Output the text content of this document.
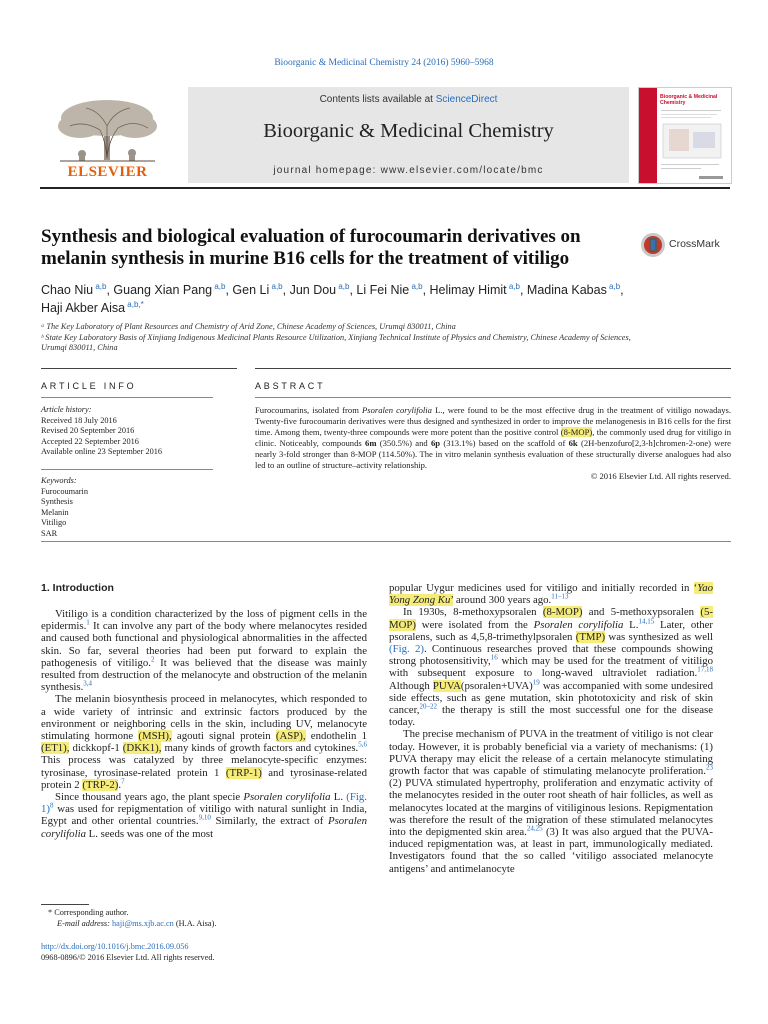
Bioorganic & Medicinal Chemistry 24 (2016) 5960–5968
Contents lists available at ScienceDirect
Bioorganic & Medicinal Chemistry
journal homepage: www.elsevier.com/locate/bmc
ELSEVIER
Bioorganic & Medicinal
Chemistry
Synthesis and biological evaluation of furocoumarin derivatives on melanin synthesis in murine B16 cells for the treatment of vitiligo
CrossMark
Chao Niu $^{a,b}$, Guang Xian Pang $^{a,b}$, Gen Li $^{a,b}$, Jun Dou $^{a,b}$, Li Fei Nie $^{a,b}$, Helimay Himit $^{a,b}$, Madina Kabas $^{a,b}$,
Haji Akber Aisa $^{a,b,*}$
ᵃ The Key Laboratory of Plant Resources and Chemistry of Arid Zone, Chinese Academy of Sciences, Urumqi 830011, China
ᵇ State Key Laboratory Basis of Xinjiang Indigenous Medicinal Plants Resource Utilization, Xinjiang Technical Institute of Physics and Chemistry, Chinese Academy of Sciences,
Urumqi 830011, China
ARTICLE INFO	ABSTRACT
Article history:
Received 18 July 2016
Revised 20 September 2016
Accepted 22 September 2016
Available online 23 September 2016
Keywords:
Furocoumarin
Synthesis
Melanin
Vitiligo
SAR
Furocoumarins, isolated from Psoralen corylifolia L., were found to be the most effective drug in the treatment of vitiligo nowadays. Twenty-five furocoumarin derivatives were thus designed and synthesized in order to improve the melanogenesis in B16 cells for the first time. Among them, twenty-three compounds were more potent than the positive control (8-MOP), the commonly used drug for vitiligo in clinic. Noticeably, compounds 6m (350.5%) and 6p (313.1%) based on the scaffold of 6k (2H-benzofuro[2,3-h]chromen-2-one) were nearly 3-fold stronger than 8-MOP (114.50%). The in vitro melanin synthesis evaluation of these structurally diverse analogues had also led to an outline of structure–activity relationship.
© 2016 Elsevier Ltd. All rights reserved.
1. Introduction

Vitiligo is a condition characterized by the loss of pigment cells in the epidermis.$^1$ It can involve any part of the body where melanocytes resided and caused both functional and physiological abnormalities in the affected skin. So far, several theories had been put forward to explain the pathogenesis of vitiligo.$^2$ It was believed that the disease was mainly resulted from destruction of the melanocyte and obstruction of the melanin synthesis.$^{3,4}$

The melanin biosynthesis proceed in melanocytes, which responded to a wide variety of intrinsic and extrinsic factors produced by the environment or neighboring cells in the skin, including UV, melanocyte stimulating hormone (MSH), agouti signal protein (ASP), endothelin 1 (ET1), dickkopf-1 (DKK1), many kinds of growth factors and cytokines.$^{5,6}$ This process was catalyzed by three melanocyte-specific enzymes: tyrosinase, tyrosinase-related protein 1 (TRP-1) and tyrosinase-related protein 2 (TRP-2).$^7$

Since thousand years ago, the plant specie Psoralen corylifolia L. (Fig. 1)$^8$ was used for repigmentation of vitiligo with natural sunlight in India, Egypt and other oriental countries.$^{9,10}$ Similarly, the extract of Psoralen corylifolia L. seeds was one of the most

popular Uygur medicines used for vitiligo and initially recorded in ‘Yao Yong Zong Ku’ around 300 years ago.$^{11-13}$

In 1930s, 8-methoxypsoralen (8-MOP) and 5-methoxypsoralen (5-MOP) were isolated from the Psoralen corylifolia L.$^{14,15}$ Later, other psoralens, such as 4,5,8-trimethylpsoralen (TMP) was synthesized as well (Fig. 2). Continuous researches proved that these compounds showing strong photosensitivity,$^{16}$ which may be used for the treatment of vitiligo with subsequent exposure to long-waved ultraviolet radiation.$^{17,18}$ Although PUVA(psoralen+UVA)$^{19}$ was accompanied with some undesired side effects, such as gene mutation, skin phototoxicity and risk of skin cancer,$^{20-22}$ the therapy is still the most successful one for the disease today.

The precise mechanism of PUVA in the treatment of vitiligo is not clear today. However, it is probably beneficial via a variety of mechanisms: (1) PUVA therapy may elicit the release of a certain melanocyte stimulating growth factor that was capable of stimulating melanocyte proliferation.$^{23}$ (2) PUVA stimulated hypertrophy, proliferation and enzymatic activity of the melanocytes resided in the outer root sheath of hair follicles, as well as melanocytes located at the margins of vitiliginous lesions. Repigmentation was therefore the result of the migration of these stimulated melanocytes into the depigmented skin area.$^{24,25}$ (3) It was also argued that the PUVA-induced repigmentation was, at least in part, immunologically mediated. Investigators found that the so called ‘vitiligo associated melanocyte antigens’ and antimelanocyte

* Corresponding author.
E-mail address: haji@ms.xjb.ac.cn (H.A. Aisa).
http://dx.doi.org/10.1016/j.bmc.2016.09.056
0968-0896/© 2016 Elsevier Ltd. All rights reserved.
